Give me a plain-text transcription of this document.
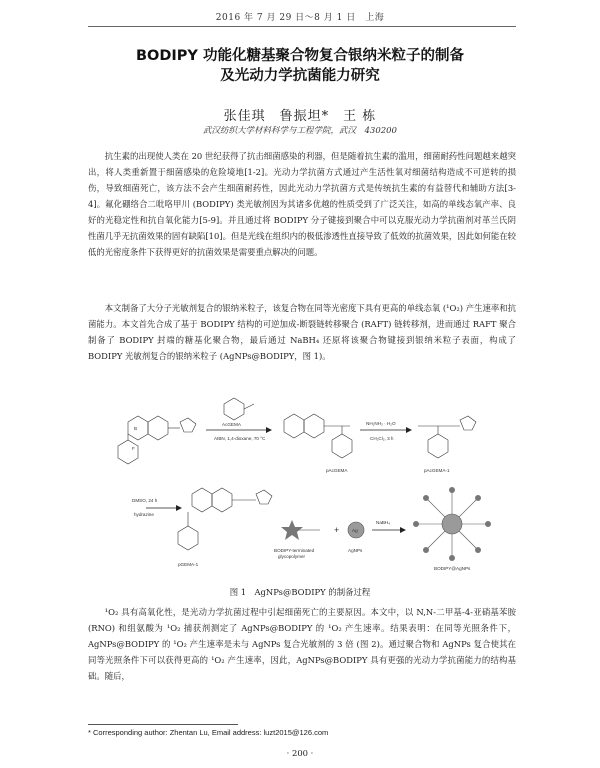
2016 年 7 月 29 日～8 月 1 日　上海
BODIPY 功能化糖基聚合物复合银纳米粒子的制备
及光动力学抗菌能力研究
张佳琪　鲁振坦*　王 栋
武汉纺织大学材料科学与工程学院，武汉　430200
抗生素的出现使人类在 20 世纪获得了抗击细菌感染的利器，但是随着抗生素的滥用，细菌耐药性问题越来越突出，将人类重新置于细菌感染的危险境地[1-2]。光动力学抗菌方式通过产生活性氧对细菌结构造成不可逆转的损伤，导致细菌死亡，该方法不会产生细菌耐药性，因此光动力学抗菌方式是传统抗生素的有益替代和辅助方法[3-4]。氟化硼络合二吡咯甲川 (BODIPY) 类光敏剂因为其诸多优越的性质受到了广泛关注，如高的单线态氧产率、良好的光稳定性和抗自氧化能力[5-9]。并且通过将 BODIPY 分子键接到聚合中可以克服光动力学抗菌剂对革兰氏阴性菌几乎无抗菌效果的固有缺陷[10]。但是光线在组织内的极低渗透性直接导致了低效的抗菌效果，因此如何能在较低的光密度条件下获得更好的抗菌效果是需要重点解决的问题。
本文制备了大分子光敏剂复合的银纳米粒子，该复合物在同等光密度下具有更高的单线态氧 (¹O₂) 产生速率和抗菌能力。本文首先合成了基于 BODIPY 结构的可逆加成-断裂链转移聚合 (RAFT) 链转移剂，进而通过 RAFT 聚合制备了 BODIPY 封端的糖基化聚合物，最后通过 NaBH₄ 还原将该聚合物键接到银纳米粒子表面，构成了 BODIPY 光敏剂复合的银纳米粒子 (AgNPs@BODIPY，图 1)。
B
F
AcGEMA
AIBN, 1,4-dioxane, 70 °C
pAcGEMA
NH₂NH₂ · H₂O
CH₂Cl₂, 3 h
pAcGEMA-1
DMSO, 24 h
hydrazine
pGEMA-1
BODIPY-terminated
glycopolymer
+	Ag
AgNPs
NaBH₄
BODIPY@AgNPs
图 1　AgNPs@BODIPY 的制备过程
¹O₂ 具有高氧化性，是光动力学抗菌过程中引起细菌死亡的主要原因。本文中，以 N,N-二甲基-4-亚硝基苯胺 (RNO) 和组氨酸为 ¹O₂ 捕获剂测定了 AgNPs@BODIPY 的 ¹O₂ 产生速率。结果表明：在同等光照条件下，AgNPs@BODIPY 的 ¹O₂ 产生速率是未与 AgNPs 复合光敏剂的 3 倍 (图 2)。通过聚合物和 AgNPs 复合使其在同等光照条件下可以获得更高的 ¹O₂ 产生速率，因此，AgNPs@BODIPY 具有更强的光动力学抗菌能力的结构基础。随后，
* Corresponding author: Zhentan Lu, Email address: luzt2015@126.com
· 200 ·
